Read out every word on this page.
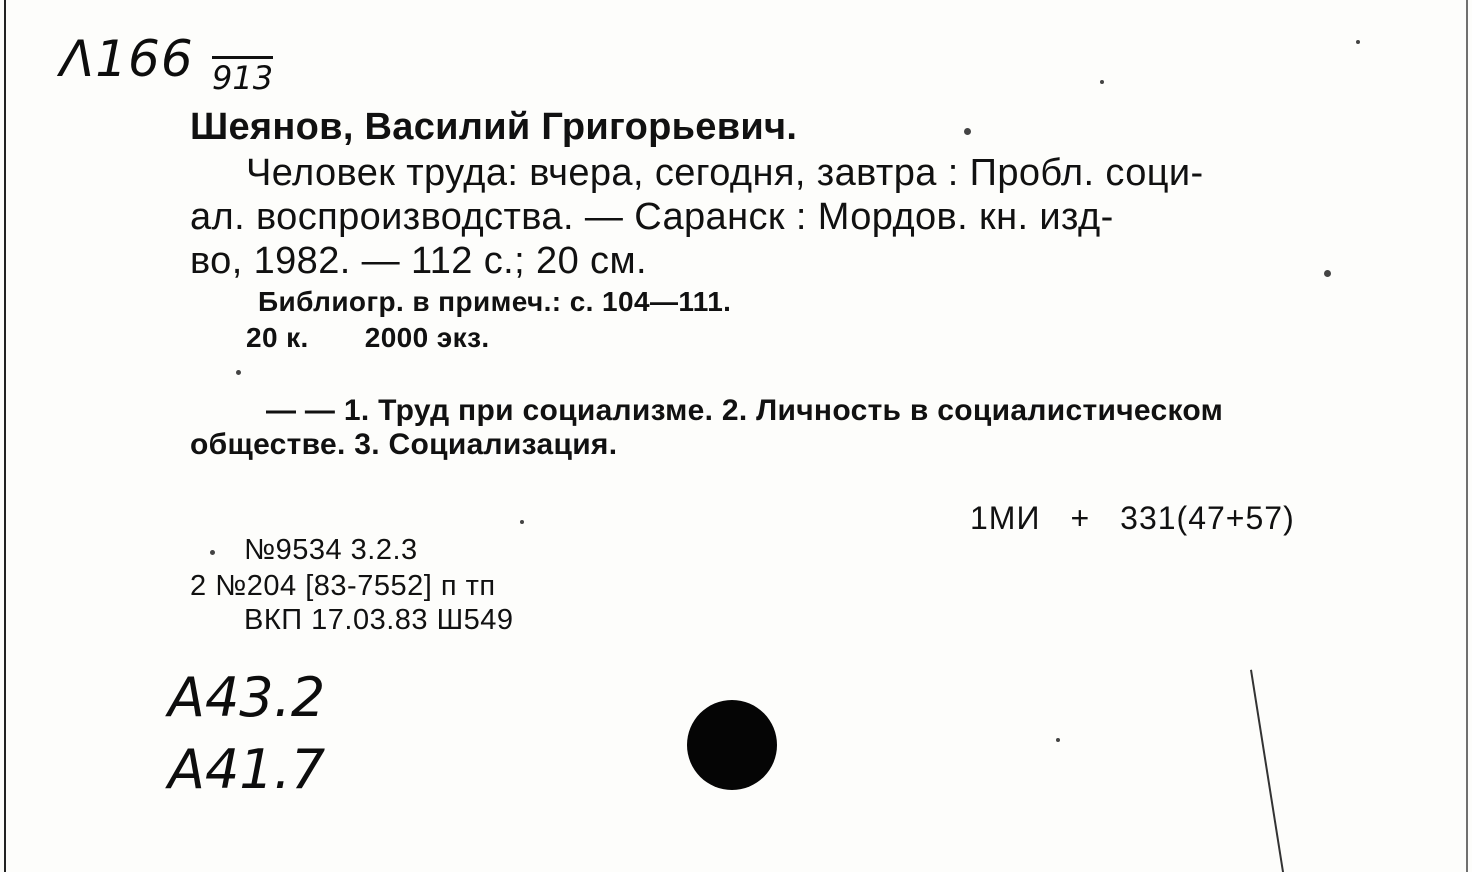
Λ166 913
Шеянов, Василий Григорьевич.
Человек труда: вчера, сегодня, завтра : Пробл. соци-
ал. воспроизводства. — Саранск : Мордов. кн. изд-
во, 1982. — 112 с.; 20 см.
Библиогр. в примеч.: с. 104—111.
20 к. 2000 экз.
— — 1. Труд при социализме. 2. Личность в социалистическом
обществе. 3. Социализация.
1МИ + 331(47+57)
№9534 3.2.3
2 №204 [83-7552] п тп
ВКП 17.03.83 Ш549
А43.2
А41.7
